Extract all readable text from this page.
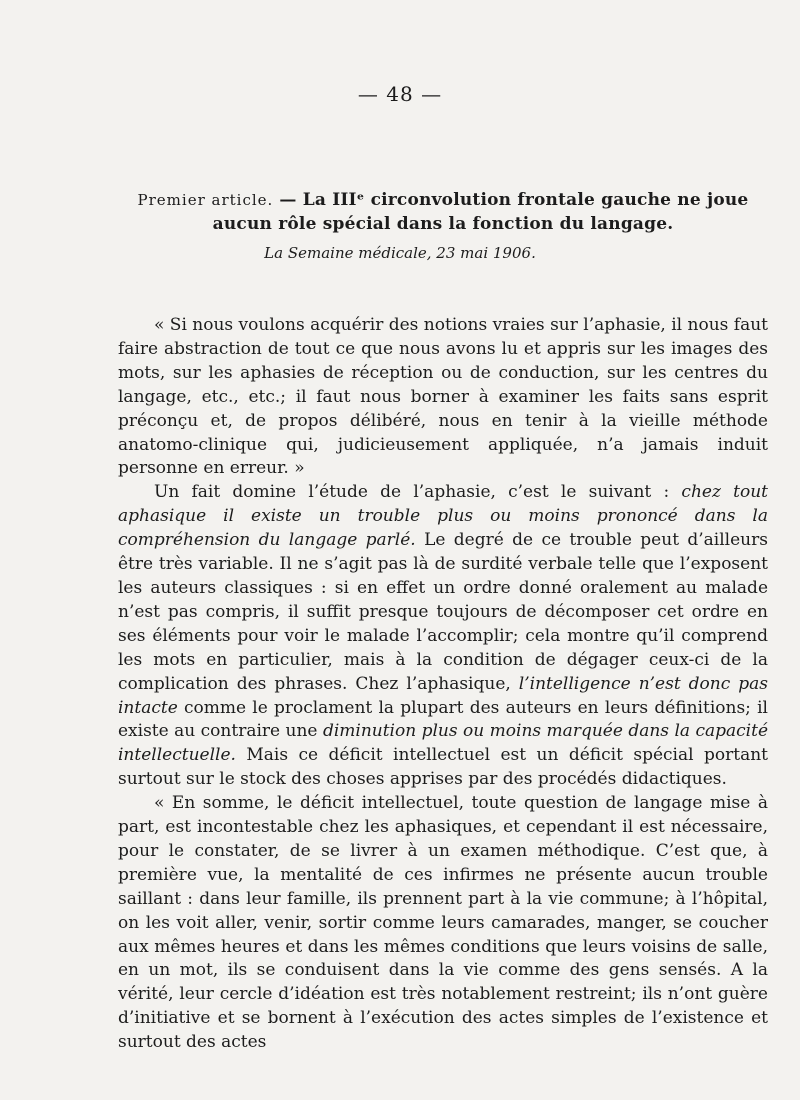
— 48 —
Premier article. — La IIIᵉ circonvolution frontale gauche ne joue aucun rôle spécial dans la fonction du langage.
La Semaine médicale, 23 mai 1906.

« Si nous voulons acquérir des notions vraies sur l’aphasie, il nous faut faire abstraction de tout ce que nous avons lu et appris sur les images des mots, sur les aphasies de réception ou de conduction, sur les centres du langage, etc., etc.; il faut nous borner à examiner les faits sans esprit préconçu et, de propos délibéré, nous en tenir à la vieille méthode anatomo-clinique qui, judicieusement appliquée, n’a jamais induit personne en erreur. »

Un fait domine l’étude de l’aphasie, c’est le suivant : chez tout aphasique il existe un trouble plus ou moins prononcé dans la compréhension du langage parlé. Le degré de ce trouble peut d’ailleurs être très variable. Il ne s’agit pas là de surdité verbale telle que l’exposent les auteurs classiques : si en effet un ordre donné oralement au malade n’est pas compris, il suffit presque toujours de décomposer cet ordre en ses éléments pour voir le malade l’accomplir; cela montre qu’il comprend les mots en particulier, mais à la condition de dégager ceux-ci de la complication des phrases. Chez l’aphasique, l’intelligence n’est donc pas intacte comme le proclament la plupart des auteurs en leurs définitions; il existe au contraire une diminution plus ou moins marquée dans la capacité intellectuelle. Mais ce déficit intellectuel est un déficit spécial portant surtout sur le stock des choses apprises par des procédés didactiques.

« En somme, le déficit intellectuel, toute question de langage mise à part, est incontestable chez les aphasiques, et cependant il est nécessaire, pour le constater, de se livrer à un examen méthodique. C’est que, à première vue, la mentalité de ces infirmes ne présente aucun trouble saillant : dans leur famille, ils prennent part à la vie commune; à l’hôpital, on les voit aller, venir, sortir comme leurs camarades, manger, se coucher aux mêmes heures et dans les mêmes conditions que leurs voisins de salle, en un mot, ils se conduisent dans la vie comme des gens sensés. A la vérité, leur cercle d’idéation est très notablement restreint; ils n’ont guère d’initiative et se bornent à l’exécution des actes simples de l’existence et surtout des actes
